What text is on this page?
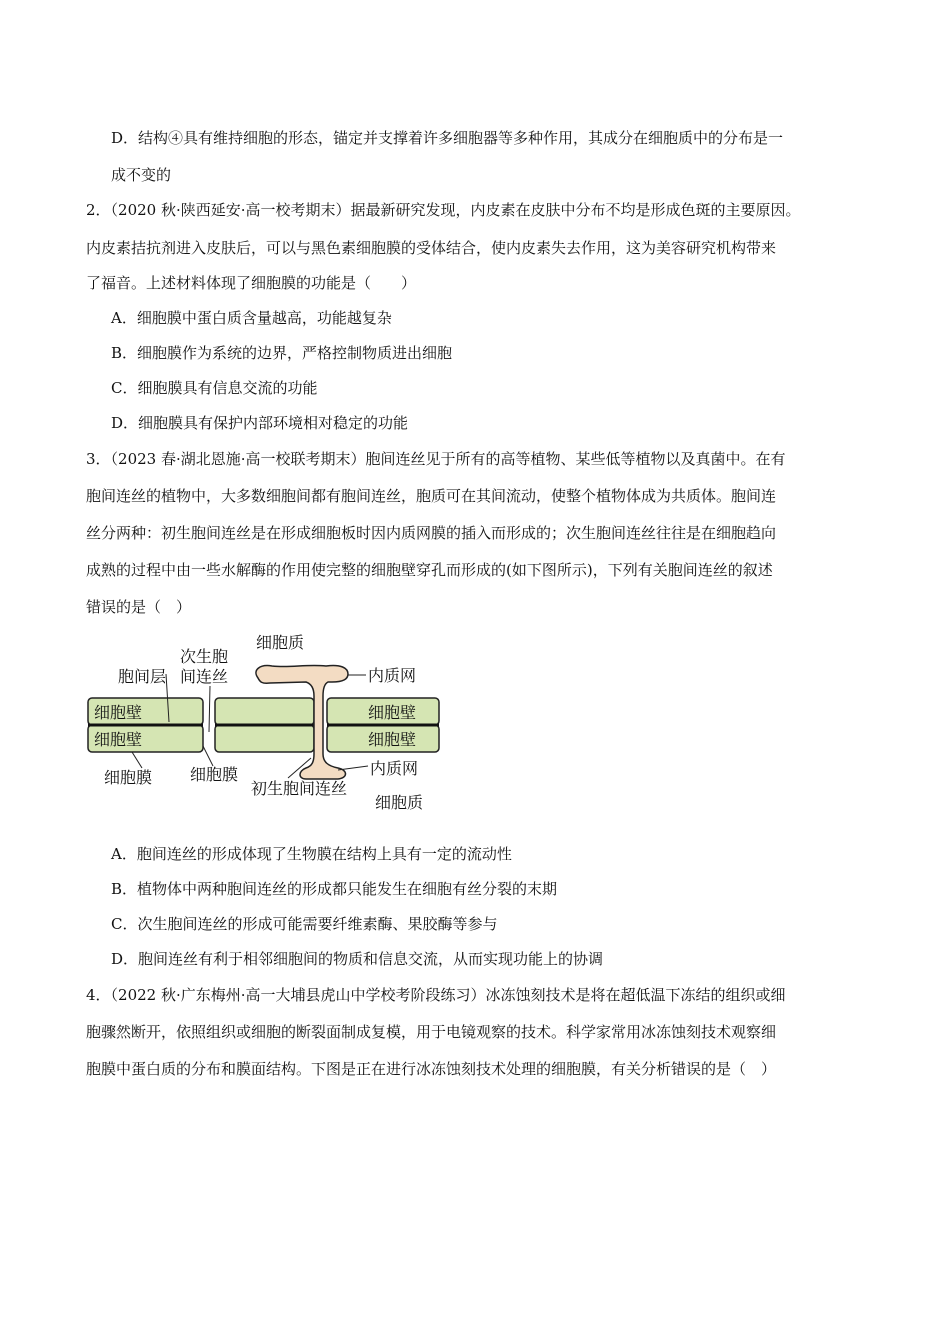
D．结构④具有维持细胞的形态，锚定并支撑着许多细胞器等多种作用，其成分在细胞质中的分布是一
成不变的
2．（2020 秋·陕西延安·高一校考期末）据最新研究发现，内皮素在皮肤中分布不均是形成色斑的主要原因。
内皮素拮抗剂进入皮肤后，可以与黑色素细胞膜的受体结合，使内皮素失去作用，这为美容研究机构带来
了福音。上述材料体现了细胞膜的功能是（　　）
A．细胞膜中蛋白质含量越高，功能越复杂
B．细胞膜作为系统的边界，严格控制物质进出细胞
C．细胞膜具有信息交流的功能
D．细胞膜具有保护内部环境相对稳定的功能
3．（2023 春·湖北恩施·高一校联考期末）胞间连丝见于所有的高等植物、某些低等植物以及真菌中。在有
胞间连丝的植物中，大多数细胞间都有胞间连丝，胞质可在其间流动，使整个植物体成为共质体。胞间连
丝分两种：初生胞间连丝是在形成细胞板时因内质网膜的插入而形成的；次生胞间连丝往往是在细胞趋向
成熟的过程中由一些水解酶的作用使完整的细胞壁穿孔而形成的(如下图所示)，下列有关胞间连丝的叙述
错误的是（　）
细胞质
次生胞
间连丝
胞间层	内质网
细胞壁
细胞壁
细胞壁
细胞壁
细胞膜 细胞膜
初生胞间连丝
内质网
细胞质
A．胞间连丝的形成体现了生物膜在结构上具有一定的流动性
B．植物体中两种胞间连丝的形成都只能发生在细胞有丝分裂的末期
C．次生胞间连丝的形成可能需要纤维素酶、果胶酶等参与
D．胞间连丝有利于相邻细胞间的物质和信息交流，从而实现功能上的协调
4．（2022 秋·广东梅州·高一大埔县虎山中学校考阶段练习）冰冻蚀刻技术是将在超低温下冻结的组织或细
胞骤然断开，依照组织或细胞的断裂面制成复模，用于电镜观察的技术。科学家常用冰冻蚀刻技术观察细
胞膜中蛋白质的分布和膜面结构。下图是正在进行冰冻蚀刻技术处理的细胞膜，有关分析错误的是（　）
